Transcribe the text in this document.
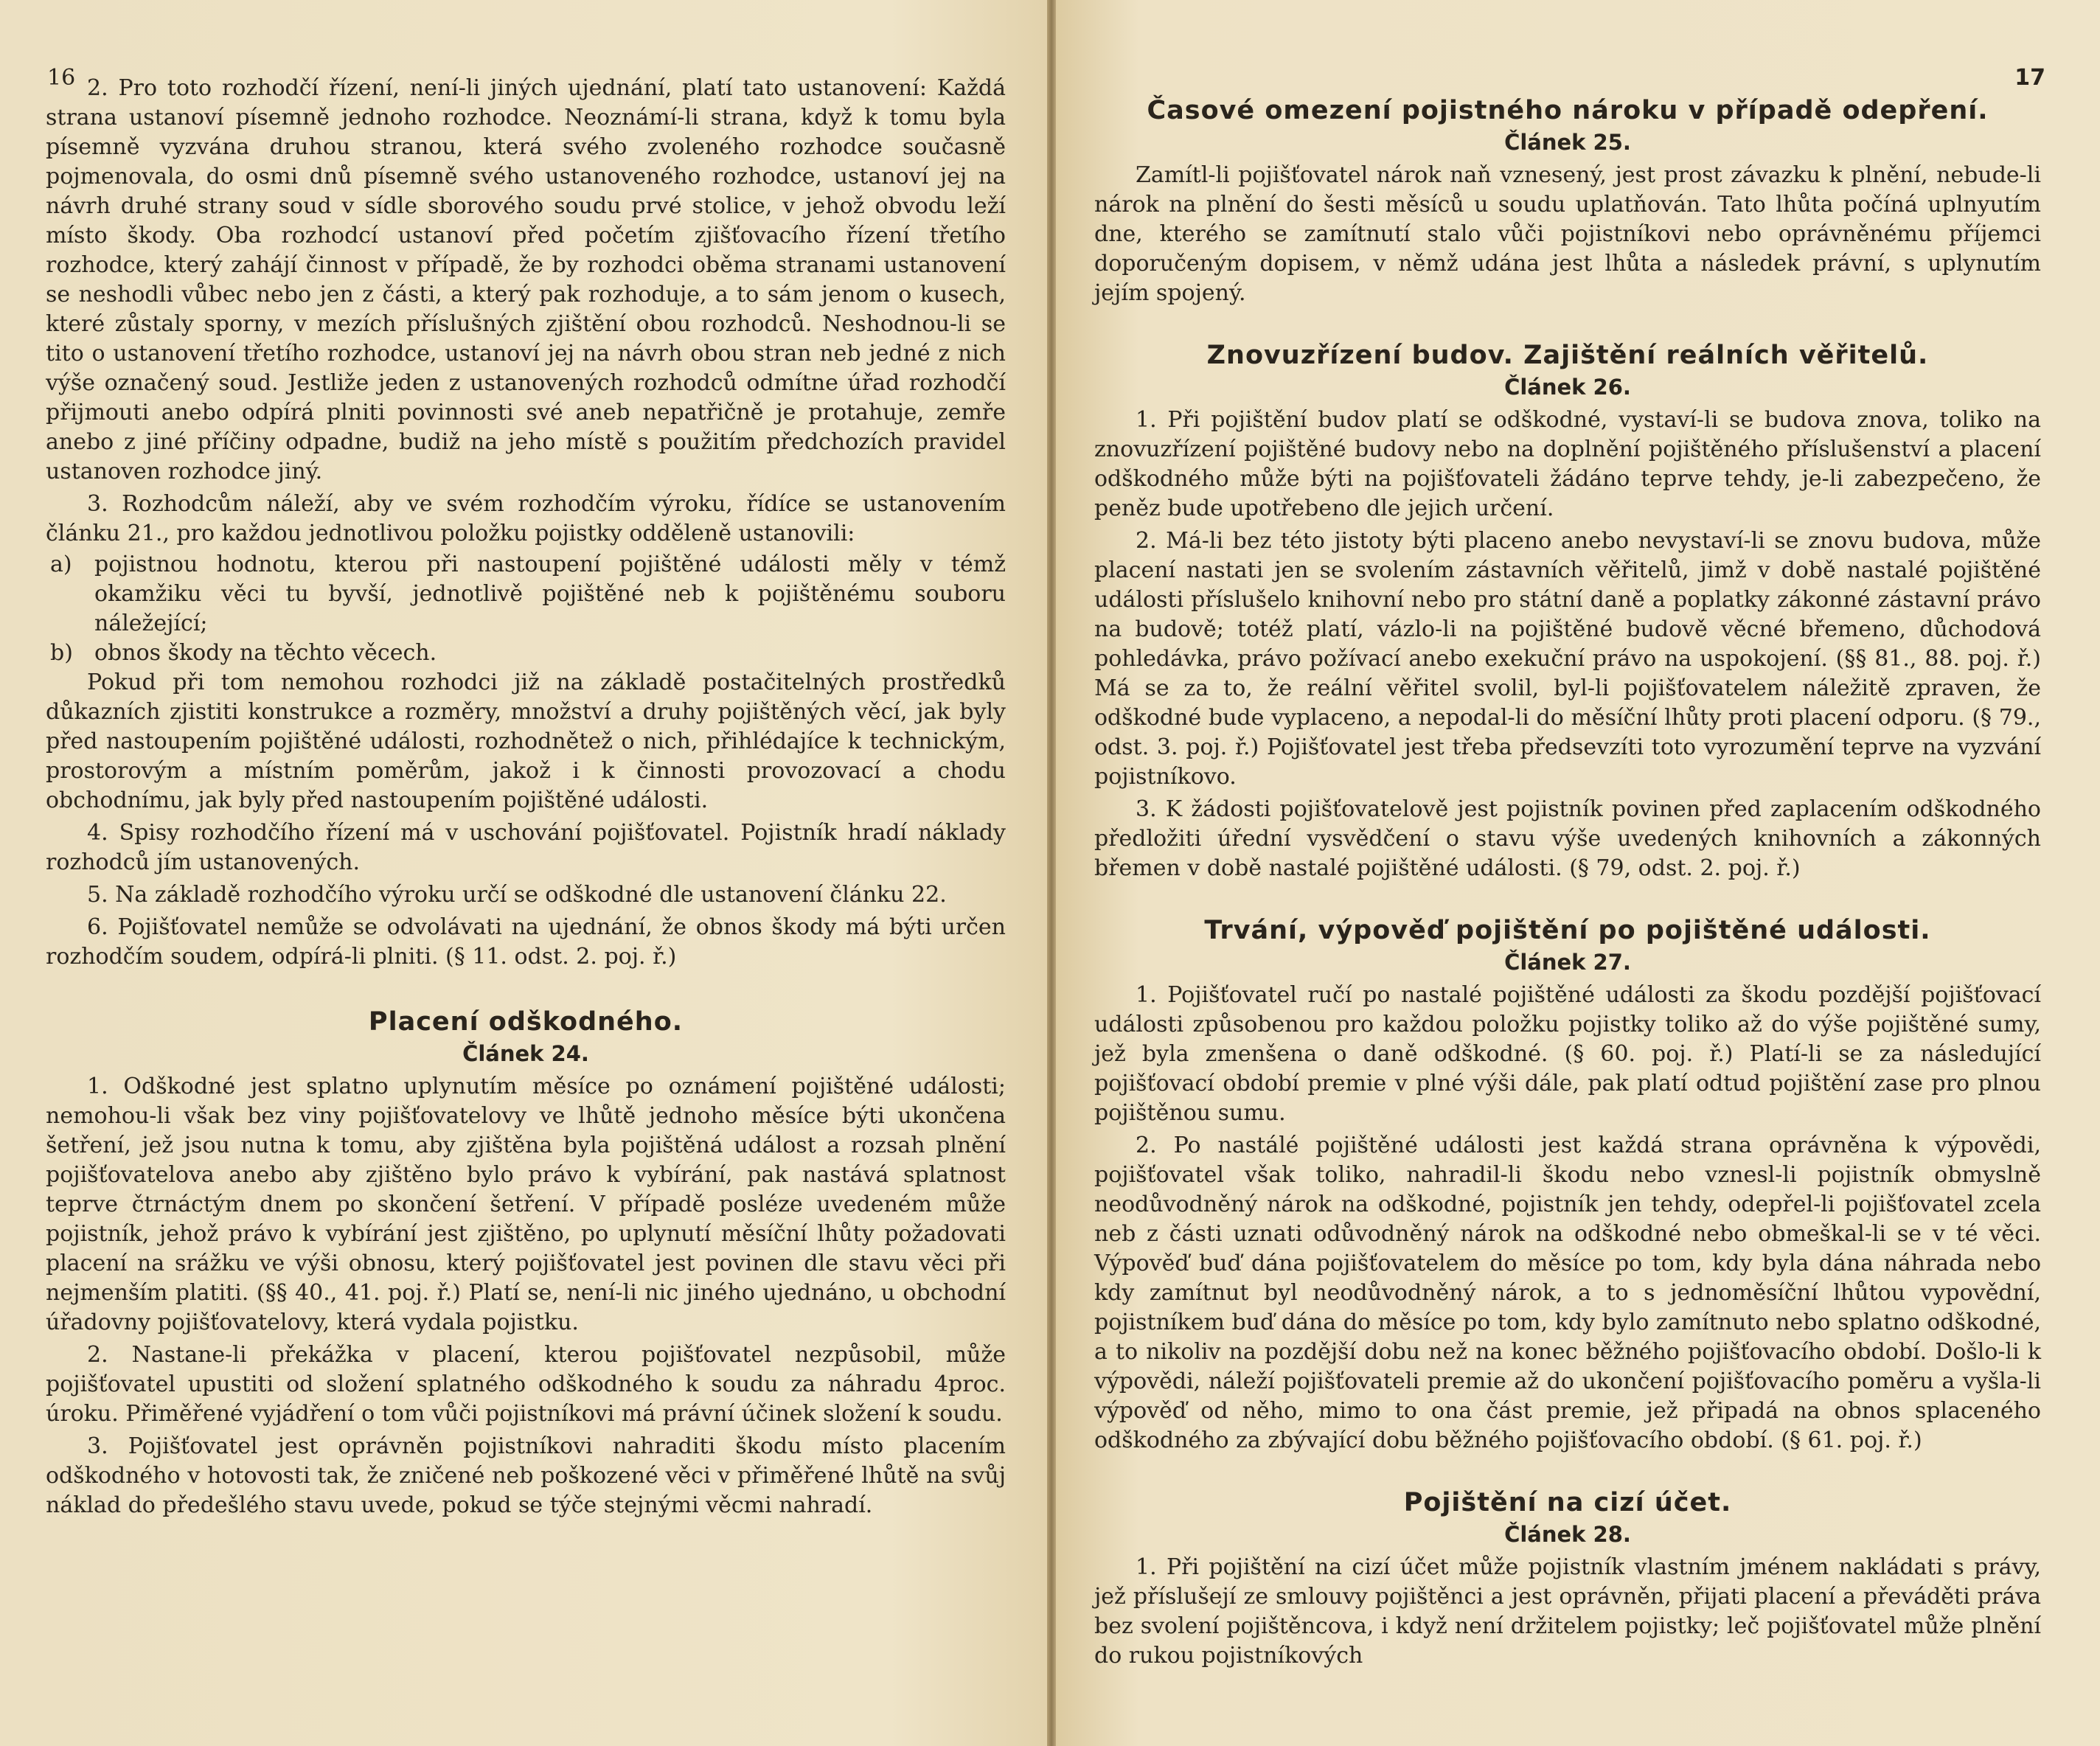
16 2. Pro toto rozhodčí řízení, není-li jiných ujednání, platí tato ustanovení: Každá strana ustanoví písemně jednoho rozhodce. Neoznámí-li strana, když k tomu byla písemně vyzvána druhou stranou, která svého zvoleného rozhodce současně pojmenovala, do osmi dnů písemně svého ustanoveného rozhodce, ustanoví jej na návrh druhé strany soud v sídle sborového soudu prvé stolice, v jehož obvodu leží místo škody. Oba rozhodcí ustanoví před početím zjišťovacího řízení třetího rozhodce, který zahájí činnost v případě, že by rozhodci oběma stranami ustanovení se neshodli vůbec nebo jen z části, a který pak rozhoduje, a to sám jenom o kusech, které zůstaly sporny, v mezích příslušných zjištění obou rozhodců. Neshodnou-li se tito o ustanovení třetího rozhodce, ustanoví jej na návrh obou stran neb jedné z nich výše označený soud. Jestliže jeden z ustanovených rozhodců odmítne úřad rozhodčí přijmouti anebo odpírá plniti povinnosti své aneb nepatřičně je protahuje, zemře anebo z jiné příčiny odpadne, budiž na jeho místě s použitím předchozích pravidel ustanoven rozhodce jiný.

3. Rozhodcům náleží, aby ve svém rozhodčím výroku, řídíce se ustanovením článku 21., pro každou jednotlivou položku pojistky odděleně ustanovili:

a)	pojistnou hodnotu, kterou při nastoupení pojištěné události měly v témž okamžiku věci tu byvší, jednotlivě pojištěné neb k pojištěnému souboru náležející;
b) obnos škody na těchto věcech.

Pokud při tom nemohou rozhodci již na základě postačitelných prostředků důkazních zjistiti konstrukce a rozměry, množství a druhy pojištěných věcí, jak byly před nastoupením pojištěné události, rozhodnětež o nich, přihlédajíce k technickým, prostorovým a místním poměrům, jakož i k činnosti provozovací a chodu obchodnímu, jak byly před nastoupením pojištěné události.

4. Spisy rozhodčího řízení má v uschování pojišťovatel. Pojistník hradí náklady rozhodců jím ustanovených.

5. Na základě rozhodčího výroku určí se odškodné dle ustanovení článku 22.

6. Pojišťovatel nemůže se odvolávati na ujednání, že obnos škody má býti určen rozhodčím soudem, odpírá-li plniti. (§ 11. odst. 2. poj. ř.)

Placení odškodného.
Článek 24.

1. Odškodné jest splatno uplynutím měsíce po oznámení pojištěné události; nemohou-li však bez viny pojišťovatelovy ve lhůtě jednoho měsíce býti ukončena šetření, jež jsou nutna k tomu, aby zjištěna byla pojištěná událost a rozsah plnění pojišťovatelova anebo aby zjištěno bylo právo k vybírání, pak nastává splatnost teprve čtrnáctým dnem po skončení šetření. V případě posléze uvedeném může pojistník, jehož právo k vybírání jest zjištěno, po uplynutí měsíční lhůty požadovati placení na srážku ve výši obnosu, který pojišťovatel jest povinen dle stavu věci při nejmenším platiti. (§§ 40., 41. poj. ř.) Platí se, není-li nic jiného ujednáno, u obchodní úřadovny pojišťovatelovy, která vydala pojistku.

2. Nastane-li překážka v placení, kterou pojišťovatel nezpůsobil, může pojišťovatel upustiti od složení splatného odškodného k soudu za náhradu 4proc. úroku. Přiměřené vyjádření o tom vůči pojistníkovi má právní účinek složení k soudu.

3. Pojišťovatel jest oprávněn pojistníkovi nahraditi škodu místo placením odškodného v hotovosti tak, že zničené neb poškozené věci v přiměřené lhůtě na svůj náklad do předešlého stavu uvede, pokud se týče stejnými věcmi nahradí.

17
Časové omezení pojistného nároku v případě odepření.
Článek 25.

Zamítl-li pojišťovatel nárok naň vznesený, jest prost závazku k plnění, nebude-li nárok na plnění do šesti měsíců u soudu uplatňován. Tato lhůta počíná uplnyutím dne, kterého se zamítnutí stalo vůči pojistníkovi nebo oprávněnému příjemci doporučeným dopisem, v němž udána jest lhůta a následek právní, s uplynutím jejím spojený.

Znovuzřízení budov. Zajištění reálních věřitelů.
Článek 26.

1. Při pojištění budov platí se odškodné, vystaví-li se budova znova, toliko na znovuzřízení pojištěné budovy nebo na doplnění pojištěného příslušenství a placení odškodného může býti na pojišťovateli žádáno teprve tehdy, je-li zabezpečeno, že peněz bude upotřebeno dle jejich určení.

2. Má-li bez této jistoty býti placeno anebo nevystaví-li se znovu budova, může placení nastati jen se svolením zástavních věřitelů, jimž v době nastalé pojištěné události příslušelo knihovní nebo pro státní daně a poplatky zákonné zástavní právo na budově; totéž platí, vázlo-li na pojištěné budově věcné břemeno, důchodová pohledávka, právo požívací anebo exekuční právo na uspokojení. (§§ 81., 88. poj. ř.) Má se za to, že reální věřitel svolil, byl-li pojišťovatelem náležitě zpraven, že odškodné bude vyplaceno, a nepodal-li do měsíční lhůty proti placení odporu. (§ 79., odst. 3. poj. ř.) Pojišťovatel jest třeba předsevzíti toto vyrozumění teprve na vyzvání pojistníkovo.

3. K žádosti pojišťovatelově jest pojistník povinen před zaplacením odškodného předložiti úřední vysvědčení o stavu výše uvedených knihovních a zákonných břemen v době nastalé pojištěné události. (§ 79, odst. 2. poj. ř.)

Trvání, výpověď pojištění po pojištěné události.
Článek 27.

1. Pojišťovatel ručí po nastalé pojištěné události za škodu pozdější pojišťovací události způsobenou pro každou položku pojistky toliko až do výše pojištěné sumy, jež byla zmenšena o daně odškodné. (§ 60. poj. ř.) Platí-li se za následující pojišťovací období premie v plné výši dále, pak platí odtud pojištění zase pro plnou pojištěnou sumu.

2. Po nastálé pojištěné události jest každá strana oprávněna k výpovědi, pojišťovatel však toliko, nahradil-li škodu nebo vznesl-li pojistník obmyslně neodůvodněný nárok na odškodné, pojistník jen tehdy, odepřel-li pojišťovatel zcela neb z části uznati odůvodněný nárok na odškodné nebo obmeškal-li se v té věci. Výpověď buď dána pojišťovatelem do měsíce po tom, kdy byla dána náhrada nebo kdy zamítnut byl neodůvodněný nárok, a to s jednoměsíční lhůtou vypovědní, pojistníkem buď dána do měsíce po tom, kdy bylo zamítnuto nebo splatno odškodné, a to nikoliv na pozdější dobu než na konec běžného pojišťovacího období. Došlo-li k výpovědi, náleží pojišťovateli premie až do ukončení pojišťovacího poměru a vyšla-li výpověď od něho, mimo to ona část premie, jež připadá na obnos splaceného odškodného za zbývající dobu běžného pojišťovacího období. (§ 61. poj. ř.)

Pojištění na cizí účet.
Článek 28.

1. Při pojištění na cizí účet může pojistník vlastním jménem nakládati s právy, jež příslušejí ze smlouvy pojištěnci a jest oprávněn, přijati placení a převáděti práva bez svolení pojištěncova, i když není držitelem pojistky; leč pojišťovatel může plnění do rukou pojistníkových
